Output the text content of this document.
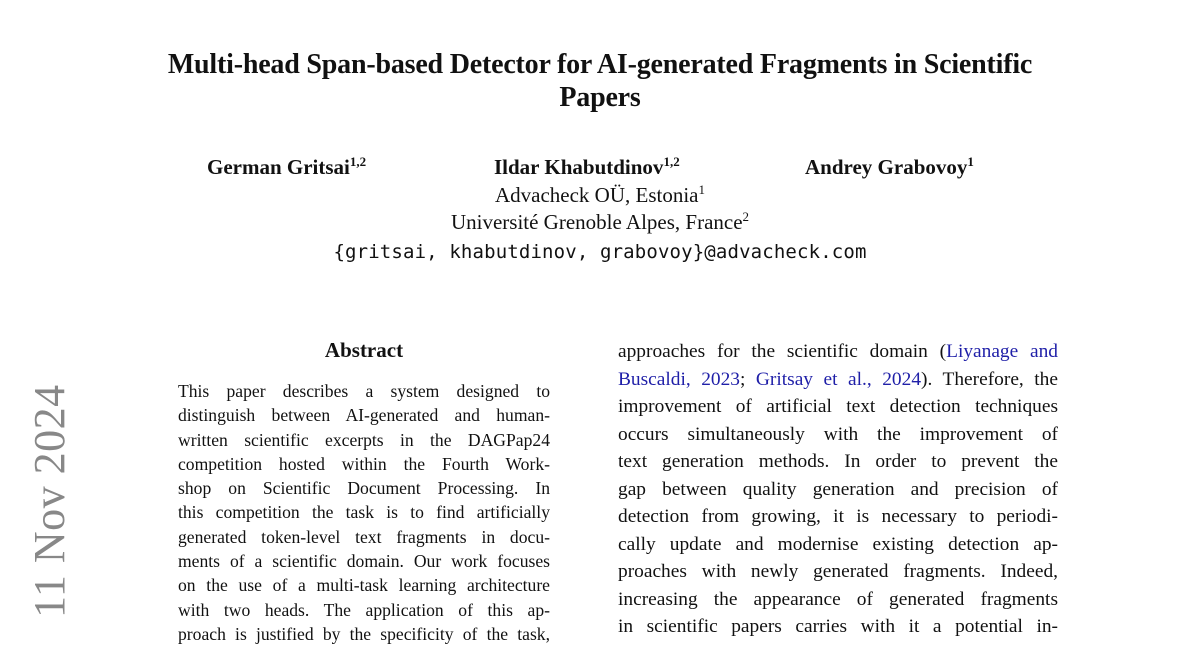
Multi-head Span-based Detector for AI-generated Fragments in Scientific Papers
German Gritsai$^{1,2}$	Ildar Khabutdinov$^{1,2}$	Andrey Grabovoy$^1$
Advacheck OÜ, Estonia$^1$
Université Grenoble Alpes, France$^2$
{gritsai, khabutdinov, grabovoy}@advacheck.com
Abstract
This paper describes a system designed to
distinguish between AI-generated and human-
written scientific excerpts in the DAGPap24
competition hosted within the Fourth Work-
shop on Scientific Document Processing. In
this competition the task is to find artificially
generated token-level text fragments in docu-
ments of a scientific domain. Our work focuses
on the use of a multi-task learning architecture
with two heads. The application of this ap-
proach is justified by the specificity of the task,
approaches for the scientific domain (Liyanage and
Buscaldi, 2023; Gritsay et al., 2024). Therefore, the
improvement of artificial text detection techniques
occurs simultaneously with the improvement of
text generation methods. In order to prevent the
gap between quality generation and precision of
detection from growing, it is necessary to periodi-
cally update and modernise existing detection ap-
proaches with newly generated fragments. Indeed,
increasing the appearance of generated fragments
in scientific papers carries with it a potential in-
11 Nov 2024
